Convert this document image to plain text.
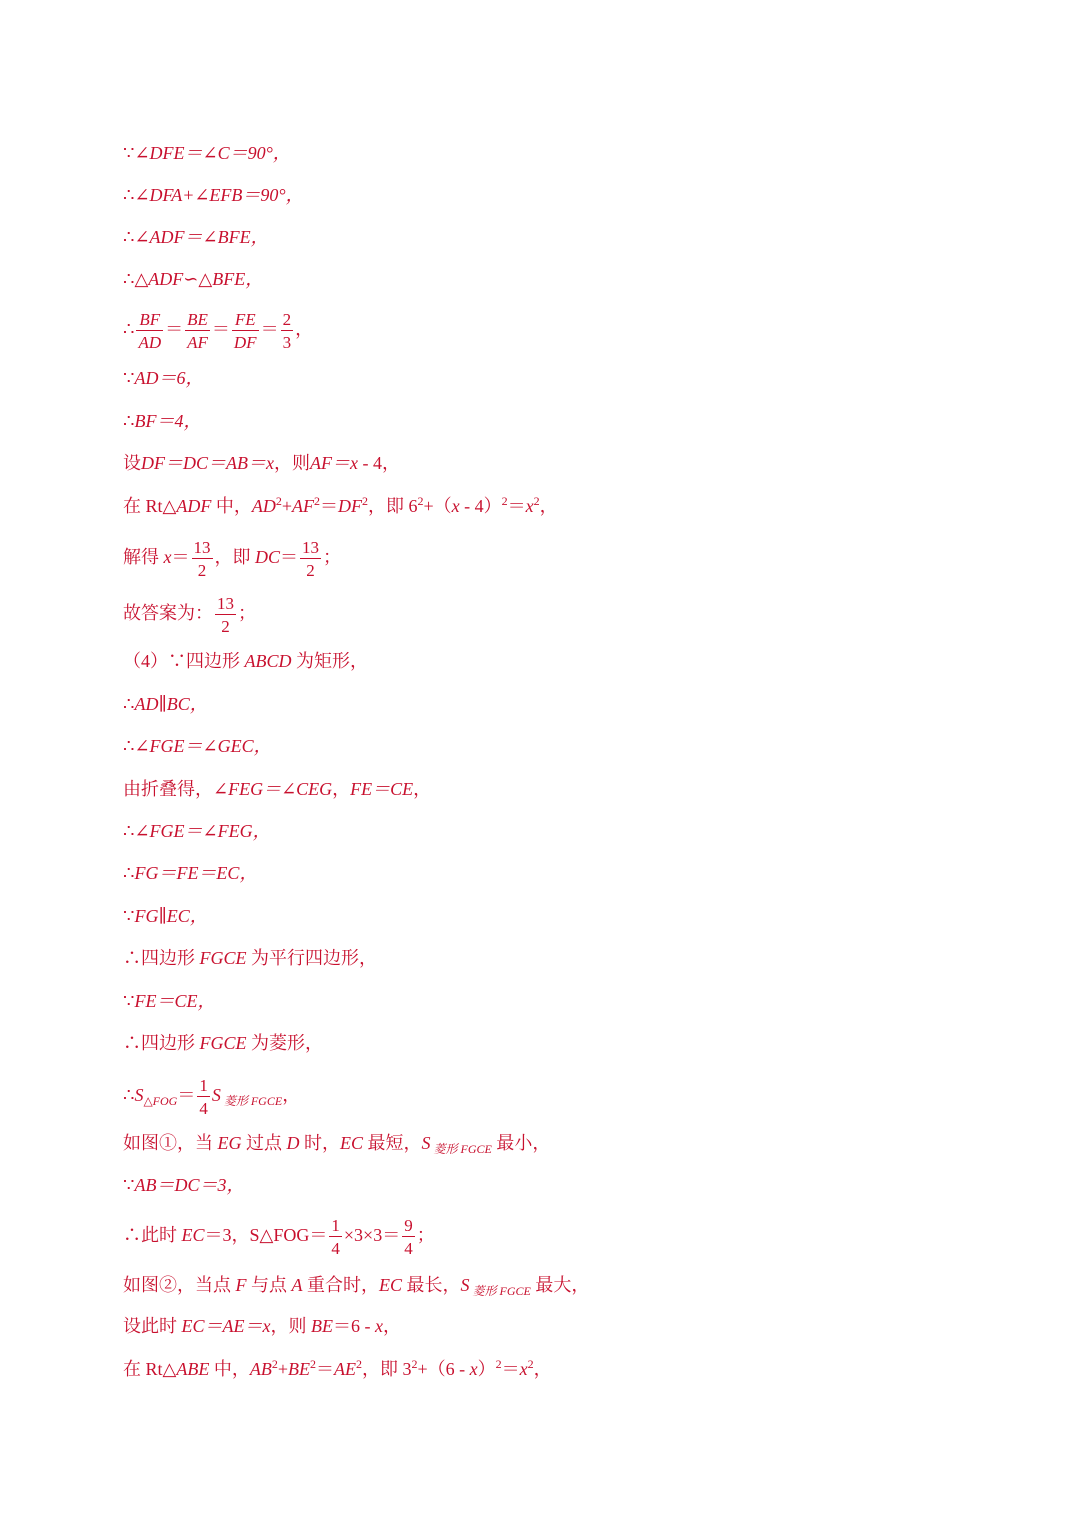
∵∠DFE＝∠C＝90°，
∴∠DFA+∠EFB＝90°，
∴∠ADF＝∠BFE，
∴△ADF∽△BFE，
∴ $\frac{BF}{AD} = \frac{BE}{AF} = \frac{FE}{DF} = \frac{2}{3}$ ，
∵AD＝6，
∴BF＝4，
设DF＝DC＝AB＝x，则AF＝x - 4，
在 Rt△ADF 中，$AD^2+AF^2=DF^2$，即 $6^2+(x - 4)^2=x^2$，
解得 $x= \frac{13}{2}$ ，即 $DC= \frac{13}{2}$ ；
故答案为： $\frac{13}{2}$ ；
（4）∵四边形 ABCD 为矩形，
∴AD∥BC，
∴∠FGE＝∠GEC，
由折叠得，∠FEG＝∠CEG，FE＝CE，
∴∠FGE＝∠FEG，
∴FG＝FE＝EC，
∵FG∥EC，
∴四边形 FGCE 为平行四边形，
∵FE＝CE，
∴四边形 FGCE 为菱形，
$\therefore S_{\triangle FOG}= \frac{1}{4}$ S $_{菱形 FGCE}$，
如图①，当 EG 过点 D 时，EC 最短，S $_{菱形 FGCE}$ 最小，
∵AB＝DC＝3，
∴此时 EC＝3，S△FOG＝ $\frac{1}{4} \times 3\times 3= \frac{9}{4}$ ；
如图②，当点 F 与点 A 重合时，EC 最长，S $_{菱形 FGCE}$ 最大，
设此时 EC＝AE＝x，则 BE＝6 - x，
在 Rt△ABE 中，$AB^2+BE^2=AE^2$，即 $3^2+(6 - x)^2=x^2$，
